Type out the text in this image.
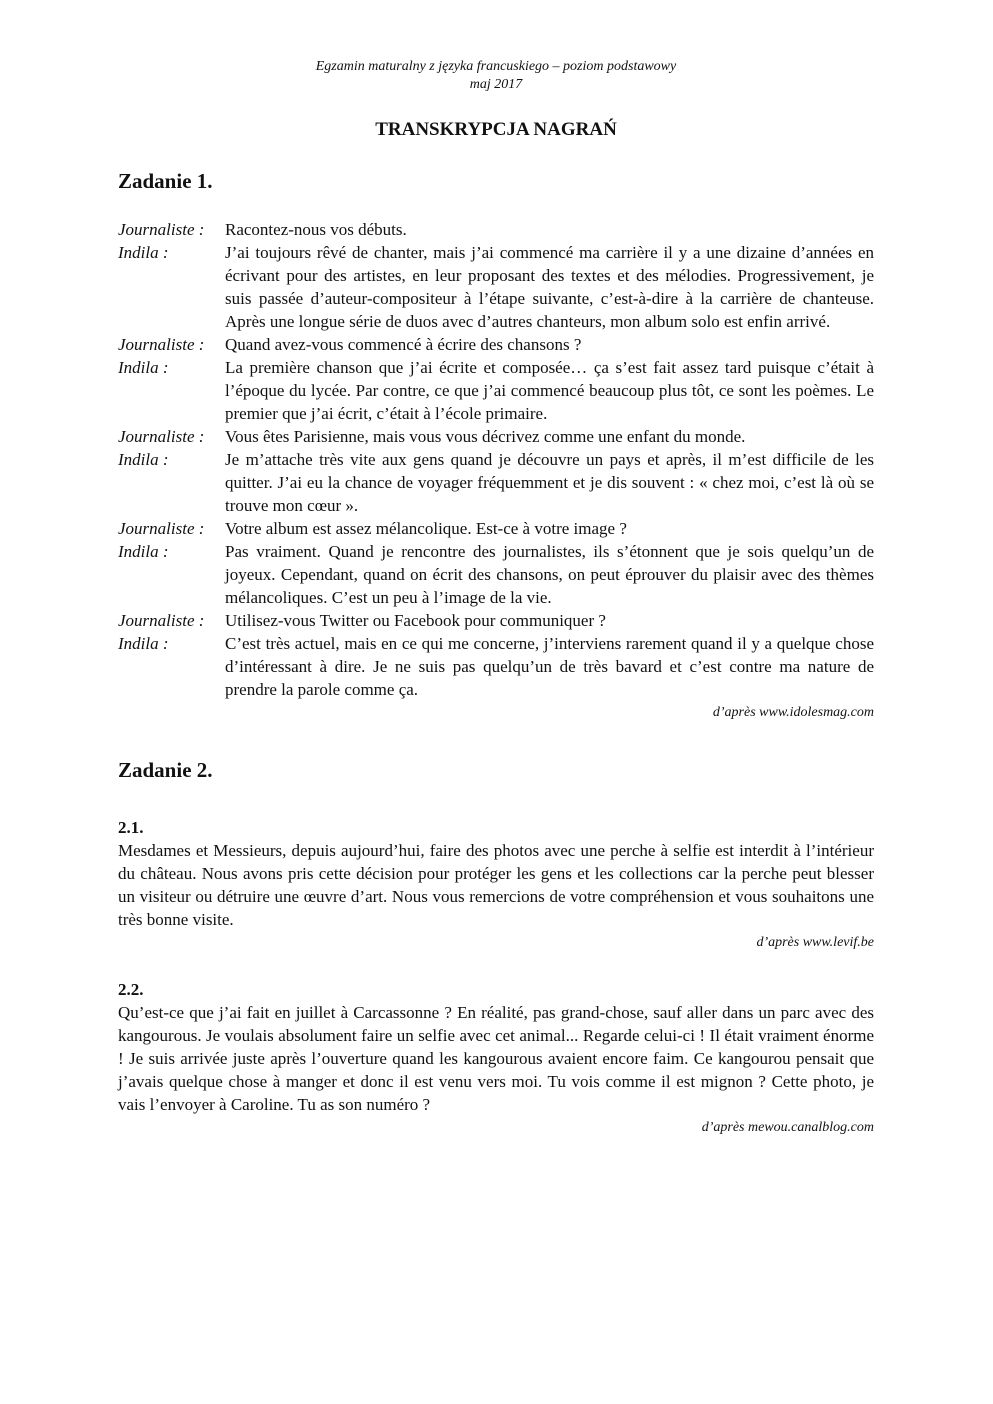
Egzamin maturalny z języka francuskiego – poziom podstawowy
maj 2017
TRANSKRYPCJA NAGRAŃ
Zadanie 1.
Journaliste :	Racontez-nous vos débuts.
Indila :	J’ai toujours rêvé de chanter, mais j’ai commencé ma carrière il y a une dizaine d’années en écrivant pour des artistes, en leur proposant des textes et des mélodies. Progressivement, je suis passée d’auteur-compositeur à l’étape suivante, c’est-à-dire à la carrière de chanteuse. Après une longue série de duos avec d’autres chanteurs, mon album solo est enfin arrivé.
Journaliste :	Quand avez-vous commencé à écrire des chansons ?
Indila :	La première chanson que j’ai écrite et composée… ça s’est fait assez tard puisque c’était à l’époque du lycée. Par contre, ce que j’ai commencé beaucoup plus tôt, ce sont les poèmes. Le premier que j’ai écrit, c’était à l’école primaire.
Journaliste :	Vous êtes Parisienne, mais vous vous décrivez comme une enfant du monde.
Indila :	Je m’attache très vite aux gens quand je découvre un pays et après, il m’est difficile de les quitter. J’ai eu la chance de voyager fréquemment et je dis souvent : « chez moi, c’est là où se trouve mon cœur ».
Journaliste :	Votre album est assez mélancolique. Est-ce à votre image ?
Indila :	Pas vraiment. Quand je rencontre des journalistes, ils s’étonnent que je sois quelqu’un de joyeux. Cependant, quand on écrit des chansons, on peut éprouver du plaisir avec des thèmes mélancoliques. C’est un peu à l’image de la vie.
Journaliste :	Utilisez-vous Twitter ou Facebook pour communiquer ?
Indila :	C’est très actuel, mais en ce qui me concerne, j’interviens rarement quand il y a quelque chose d’intéressant à dire. Je ne suis pas quelqu’un de très bavard et c’est contre ma nature de prendre la parole comme ça.
d’après www.idolesmag.com
Zadanie 2.
2.1.
Mesdames et Messieurs, depuis aujourd’hui, faire des photos avec une perche à selfie est interdit à l’intérieur du château. Nous avons pris cette décision pour protéger les gens et les collections car la perche peut blesser un visiteur ou détruire une œuvre d’art. Nous vous remercions de votre compréhension et vous souhaitons une très bonne visite.
d’après www.levif.be
2.2.
Qu’est-ce que j’ai fait en juillet à Carcassonne ? En réalité, pas grand-chose, sauf aller dans un parc avec des kangourous. Je voulais absolument faire un selfie avec cet animal... Regarde celui-ci ! Il était vraiment énorme ! Je suis arrivée juste après l’ouverture quand les kangourous avaient encore faim. Ce kangourou pensait que j’avais quelque chose à manger et donc il est venu vers moi. Tu vois comme il est mignon ? Cette photo, je vais l’envoyer à Caroline. Tu as son numéro ?
d’après mewou.canalblog.com
